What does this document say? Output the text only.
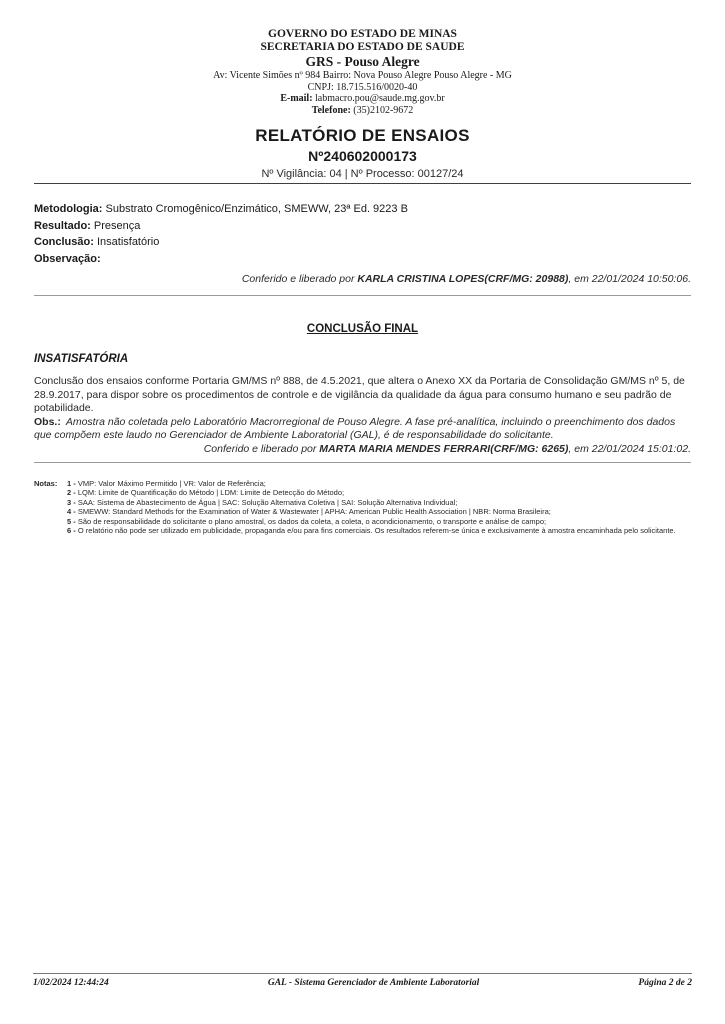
GOVERNO DO ESTADO DE MINAS
SECRETARIA DO ESTADO DE SAUDE
GRS - Pouso Alegre
Av: Vicente Simões nº 984 Bairro: Nova Pouso Alegre Pouso Alegre - MG
CNPJ: 18.715.516/0020-40
E-mail: labmacro.pou@saude.mg.gov.br
Telefone: (35)2102-9672
RELATÓRIO DE ENSAIOS
Nº240602000173
Nº Vigilância: 04 | Nº Processo: 00127/24
Metodologia: Substrato Cromogênico/Enzimático, SMEWW, 23ª Ed. 9223 B
Resultado: Presença
Conclusão: Insatisfatório
Observação:
Conferido e liberado por KARLA CRISTINA LOPES(CRF/MG: 20988), em 22/01/2024 10:50:06.
CONCLUSÃO FINAL
INSATISFATÓRIA
Conclusão dos ensaios conforme Portaria GM/MS nº 888, de 4.5.2021, que altera o Anexo XX da Portaria de Consolidação GM/MS nº 5, de 28.9.2017, para dispor sobre os procedimentos de controle e de vigilância da qualidade da água para consumo humano e seu padrão de potabilidade.
Obs.: Amostra não coletada pelo Laboratório Macrorregional de Pouso Alegre. A fase pré-analítica, incluindo o preenchimento dos dados que compõem este laudo no Gerenciador de Ambiente Laboratorial (GAL), é de responsabilidade do solicitante.
Conferido e liberado por MARTA MARIA MENDES FERRARI(CRF/MG: 6265), em 22/01/2024 15:01:02.
Notas:	1 - VMP: Valor Máximo Permitido | VR: Valor de Referência;
2 - LQM: Limite de Quantificação do Método | LDM: Limite de Detecção do Método;
3 - SAA: Sistema de Abastecimento de Água | SAC: Solução Alternativa Coletiva | SAI: Solução Alternativa Individual;
4 - SMEWW: Standard Methods for the Examination of Water & Wastewater | APHA: American Public Health Association | NBR: Norma Brasileira;
5 - São de responsabilidade do solicitante o plano amostral, os dados da coleta, a coleta, o acondicionamento, o transporte e análise de campo;
6 - O relatório não pode ser utilizado em publicidade, propaganda e/ou para fins comerciais. Os resultados referem-se única e exclusivamente à amostra encaminhada pelo solicitante.
1/02/2024 12:44:24	GAL - Sistema Gerenciador de Ambiente Laboratorial	Página 2 de 2
